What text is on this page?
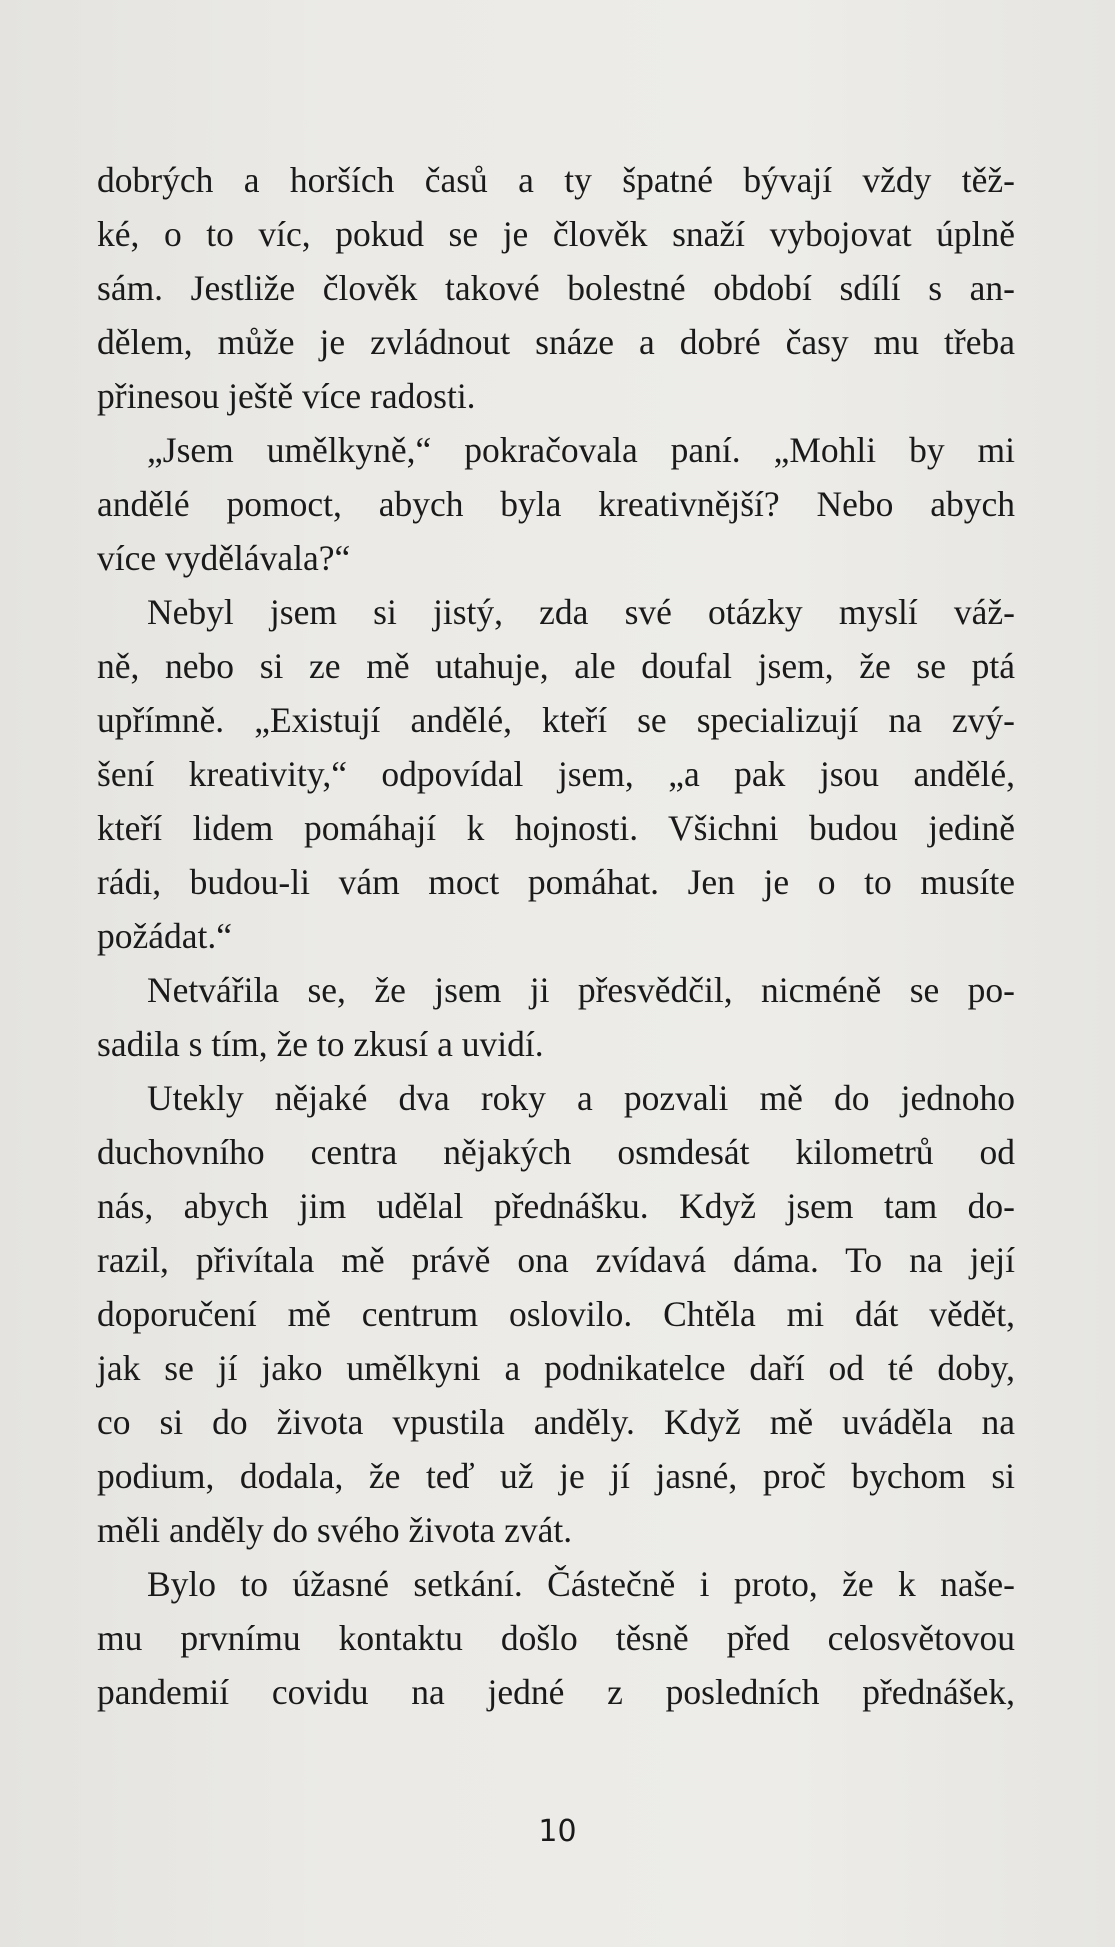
dobrých a horších časů a ty špatné bývají vždy těž-
ké, o to víc, pokud se je člověk snaží vybojovat úplně
sám. Jestliže člověk takové bolestné období sdílí s an-
dělem, může je zvládnout snáze a dobré časy mu třeba
přinesou ještě více radosti.
„Jsem umělkyně,“ pokračovala paní. „Mohli by mi
andělé pomoct, abych byla kreativnější? Nebo abych
více vydělávala?“
Nebyl jsem si jistý, zda své otázky myslí váž-
ně, nebo si ze mě utahuje, ale doufal jsem, že se ptá
upřímně. „Existují andělé, kteří se specializují na zvý-
šení kreativity,“ odpovídal jsem, „a pak jsou andělé,
kteří lidem pomáhají k hojnosti. Všichni budou jedině
rádi, budou-li vám moct pomáhat. Jen je o to musíte
požádat.“
Netvářila se, že jsem ji přesvědčil, nicméně se po-
sadila s tím, že to zkusí a uvidí.
Utekly nějaké dva roky a pozvali mě do jednoho
duchovního centra nějakých osmdesát kilometrů od
nás, abych jim udělal přednášku. Když jsem tam do-
razil, přivítala mě právě ona zvídavá dáma. To na její
doporučení mě centrum oslovilo. Chtěla mi dát vědět,
jak se jí jako umělkyni a podnikatelce daří od té doby,
co si do života vpustila anděly. Když mě uváděla na
podium, dodala, že teď už je jí jasné, proč bychom si
měli anděly do svého života zvát.
Bylo to úžasné setkání. Částečně i proto, že k naše-
mu prvnímu kontaktu došlo těsně před celosvětovou
pandemií covidu na jedné z posledních přednášek,
10
